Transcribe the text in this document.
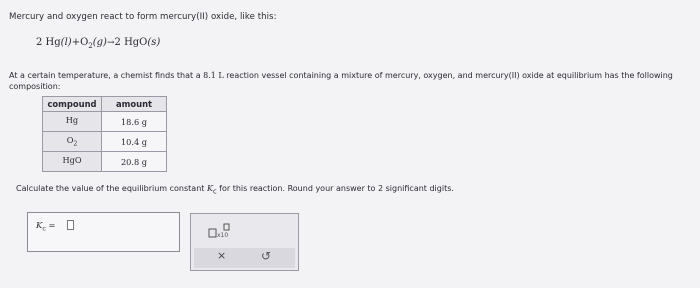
Mercury and oxygen react to form mercury(II) oxide, like this:
2 $Hg(l)+O_2(g)\to 2$ HgO(s)
At a certain temperature, a chemist finds that a 8.1 L reaction vessel containing a mixture of mercury, oxygen, and mercury(II) oxide at equilibrium has the following composition:
compound	amount
Hg	18.6 g
$O_2$	10.4 g
HgO	20.8 g
Calculate the value of the equilibrium constant $K_c$ for this reaction. Round your answer to 2 significant digits.
$K_c$ =
x10
×	↺
